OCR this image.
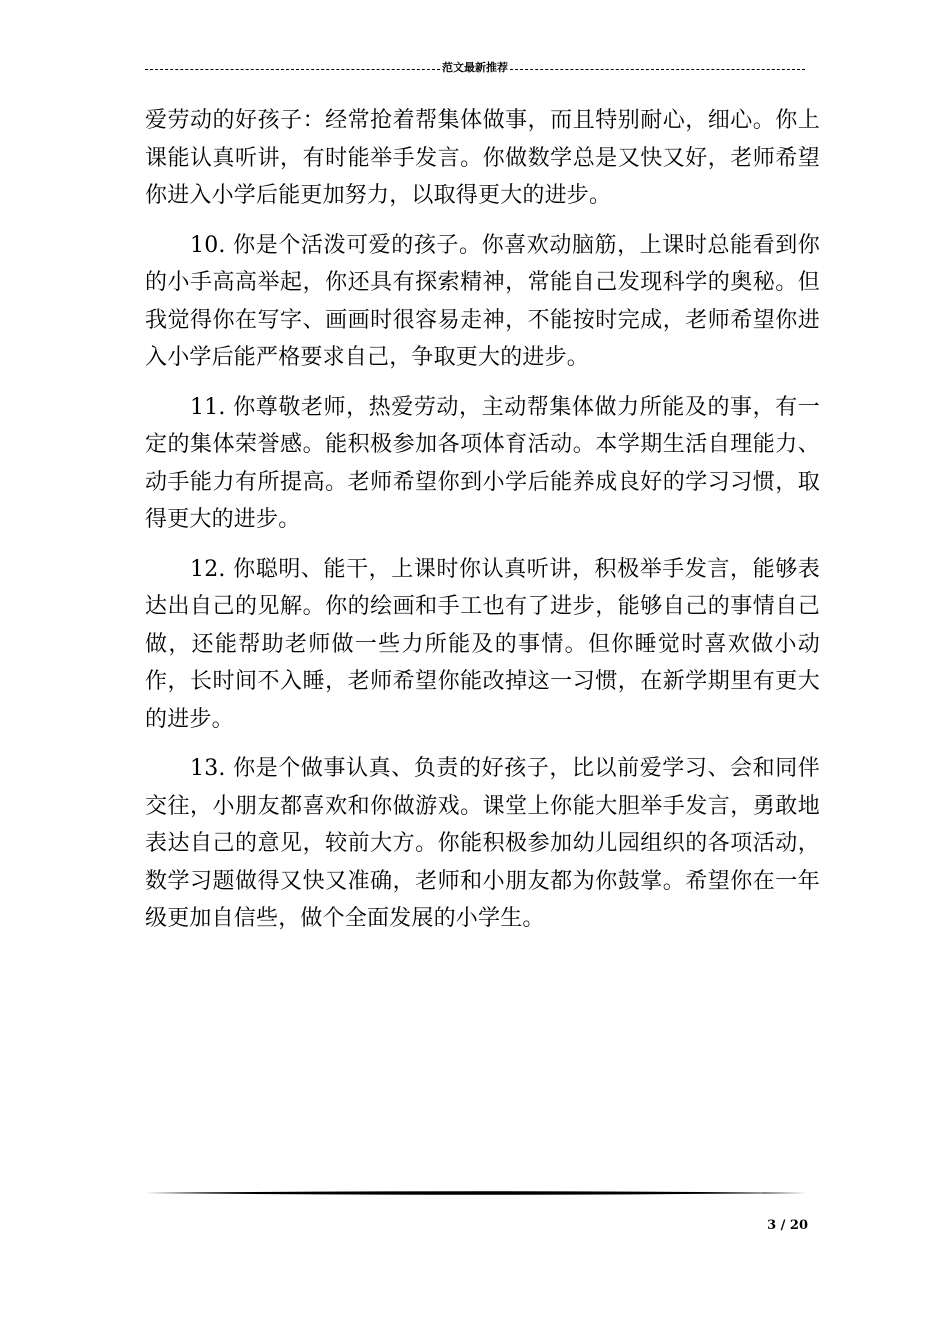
范文最新推荐

爱劳动的好孩子：经常抢着帮集体做事，而且特别耐心，细心。你上课能认真听讲，有时能举手发言。你做数学总是又快又好，老师希望你进入小学后能更加努力，以取得更大的进步。

10. 你是个活泼可爱的孩子。你喜欢动脑筋，上课时总能看到你的小手高高举起，你还具有探索精神，常能自己发现科学的奥秘。但我觉得你在写字、画画时很容易走神，不能按时完成，老师希望你进入小学后能严格要求自己，争取更大的进步。

11. 你尊敬老师，热爱劳动，主动帮集体做力所能及的事，有一定的集体荣誉感。能积极参加各项体育活动。本学期生活自理能力、动手能力有所提高。老师希望你到小学后能养成良好的学习习惯，取得更大的进步。

12. 你聪明、能干，上课时你认真听讲，积极举手发言，能够表达出自己的见解。你的绘画和手工也有了进步，能够自己的事情自己做，还能帮助老师做一些力所能及的事情。但你睡觉时喜欢做小动作，长时间不入睡，老师希望你能改掉这一习惯，在新学期里有更大的进步。

13. 你是个做事认真、负责的好孩子，比以前爱学习、会和同伴交往，小朋友都喜欢和你做游戏。课堂上你能大胆举手发言，勇敢地表达自己的意见，较前大方。你能积极参加幼儿园组织的各项活动，数学习题做得又快又准确，老师和小朋友都为你鼓掌。希望你在一年级更加自信些，做个全面发展的小学生。

3 / 20
